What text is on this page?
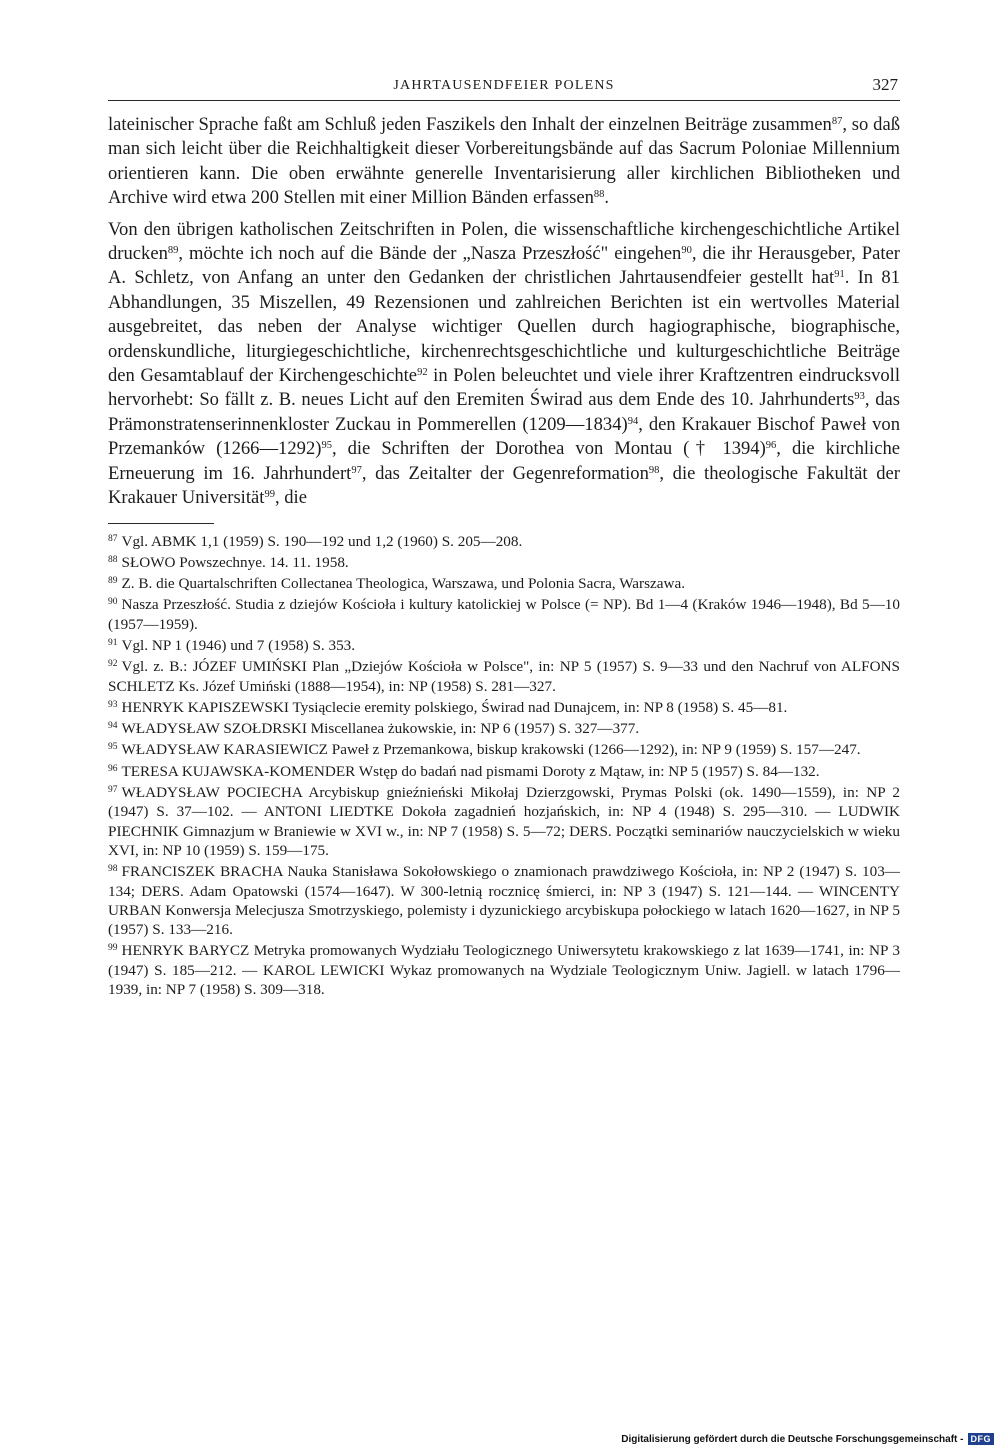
JAHRTAUSENDFEIER POLENS	327

lateinischer Sprache faßt am Schluß jeden Faszikels den Inhalt der einzelnen Beiträge zusammen$^{87}$, so daß man sich leicht über die Reichhaltigkeit dieser Vorbereitungsbände auf das Sacrum Poloniae Millennium orientieren kann. Die oben erwähnte generelle Inventarisierung aller kirchlichen Bibliotheken und Archive wird etwa 200 Stellen mit einer Million Bänden erfassen$^{88}$.

Von den übrigen katholischen Zeitschriften in Polen, die wissenschaftliche kirchengeschichtliche Artikel drucken$^{89}$, möchte ich noch auf die Bände der „Nasza Przeszłość" eingehen$^{90}$, die ihr Herausgeber, Pater A. Schletz, von Anfang an unter den Gedanken der christlichen Jahrtausendfeier gestellt hat$^{91}$. In 81 Abhandlungen, 35 Miszellen, 49 Rezensionen und zahlreichen Berichten ist ein wertvolles Material ausgebreitet, das neben der Analyse wichtiger Quellen durch hagiographische, biographische, ordenskundliche, liturgiegeschichtliche, kirchenrechtsgeschichtliche und kulturgeschichtliche Beiträge den Gesamtablauf der Kirchengeschichte$^{92}$ in Polen beleuchtet und viele ihrer Kraftzentren eindrucksvoll hervorhebt: So fällt z. B. neues Licht auf den Eremiten Świrad aus dem Ende des 10. Jahrhunderts$^{93}$, das Prämonstratenserinnenkloster Zuckau in Pommerellen (1209—1834)$^{94}$, den Krakauer Bischof Paweł von Przemanków (1266—1292)$^{95}$, die Schriften der Dorothea von Montau († 1394)$^{96}$, die kirchliche Erneuerung im 16. Jahrhundert$^{97}$, das Zeitalter der Gegenreformation$^{98}$, die theologische Fakultät der Krakauer Universität$^{99}$, die

$^{87}$ Vgl. ABMK 1,1 (1959) S. 190—192 und 1,2 (1960) S. 205—208.

$^{88}$ SŁOWO Powszechnye. 14. 11. 1958.

$^{89}$ Z. B. die Quartalschriften Collectanea Theologica, Warszawa, und Polonia Sacra, Warszawa.

$^{90}$ Nasza Przeszłość. Studia z dziejów Kościoła i kultury katolickiej w Polsce (= NP). Bd 1—4 (Kraków 1946—1948), Bd 5—10 (1957—1959).

$^{91}$ Vgl. NP 1 (1946) und 7 (1958) S. 353.

$^{92}$ Vgl. z. B.: JÓZEF UMIŃSKI Plan „Dziejów Kościoła w Polsce", in: NP 5 (1957) S. 9—33 und den Nachruf von ALFONS SCHLETZ Ks. Józef Umiński (1888—1954), in: NP (1958) S. 281—327.

$^{93}$ HENRYK KAPISZEWSKI Tysiąclecie eremity polskiego, Świrad nad Dunajcem, in: NP 8 (1958) S. 45—81.

$^{94}$ WŁADYSŁAW SZOŁDRSKI Miscellanea żukowskie, in: NP 6 (1957) S. 327—377.

$^{95}$ WŁADYSŁAW KARASIEWICZ Paweł z Przemankowa, biskup krakowski (1266—1292), in: NP 9 (1959) S. 157—247.

$^{96}$ TERESA KUJAWSKA-KOMENDER Wstęp do badań nad pismami Doroty z Mątaw, in: NP 5 (1957) S. 84—132.

$^{97}$ WŁADYSŁAW POCIECHA Arcybiskup gnieźnieński Mikołaj Dzierzgowski, Prymas Polski (ok. 1490—1559), in: NP 2 (1947) S. 37—102. — ANTONI LIEDTKE Dokoła zagadnień hozjańskich, in: NP 4 (1948) S. 295—310. — LUDWIK PIECHNIK Gimnazjum w Braniewie w XVI w., in: NP 7 (1958) S. 5—72; DERS. Początki seminariów nauczycielskich w wieku XVI, in: NP 10 (1959) S. 159—175.

$^{98}$ FRANCISZEK BRACHA Nauka Stanisława Sokołowskiego o znamionach prawdziwego Kościoła, in: NP 2 (1947) S. 103—134; DERS. Adam Opatowski (1574—1647). W 300-letnią rocznicę śmierci, in: NP 3 (1947) S. 121—144. — WINCENTY URBAN Konwersja Melecjusza Smotrzyskiego, polemisty i dyzunickiego arcybiskupa połockiego w latach 1620—1627, in NP 5 (1957) S. 133—216.

$^{99}$ HENRYK BARYCZ Metryka promowanych Wydziału Teologicznego Uniwersytetu krakowskiego z lat 1639—1741, in: NP 3 (1947) S. 185—212. — KAROL LEWICKI Wykaz promowanych na Wydziale Teologicznym Uniw. Jagiell. w latach 1796—1939, in: NP 7 (1958) S. 309—318.

Digitalisierung gefördert durch die Deutsche Forschungsgemeinschaft - DFG
